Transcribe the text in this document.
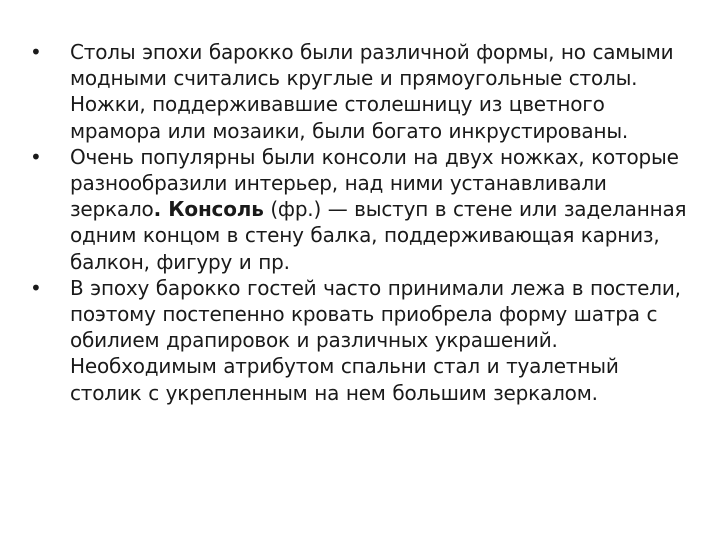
•	Столы эпохи барокко были различной формы, но самыми модными считались круглые и прямоугольные столы. Ножки, поддерживавшие столешницу из цветного мрамора или мозаики, были богато инкрустированы.
•	Очень популярны были консоли на двух ножках, которые разнообразили интерьер, над ними устанавливали зеркало. Консоль (фр.) — выступ в стене или заделанная одним концом в стену балка, поддерживающая карниз, балкон, фигуру и пр.
•	В эпоху барокко гостей часто принимали лежа в постели, поэтому постепенно кровать приобрела форму шатра с обилием драпировок и различных украшений. Необходимым атрибутом спальни стал и туалетный столик с укрепленным на нем большим зеркалом.
